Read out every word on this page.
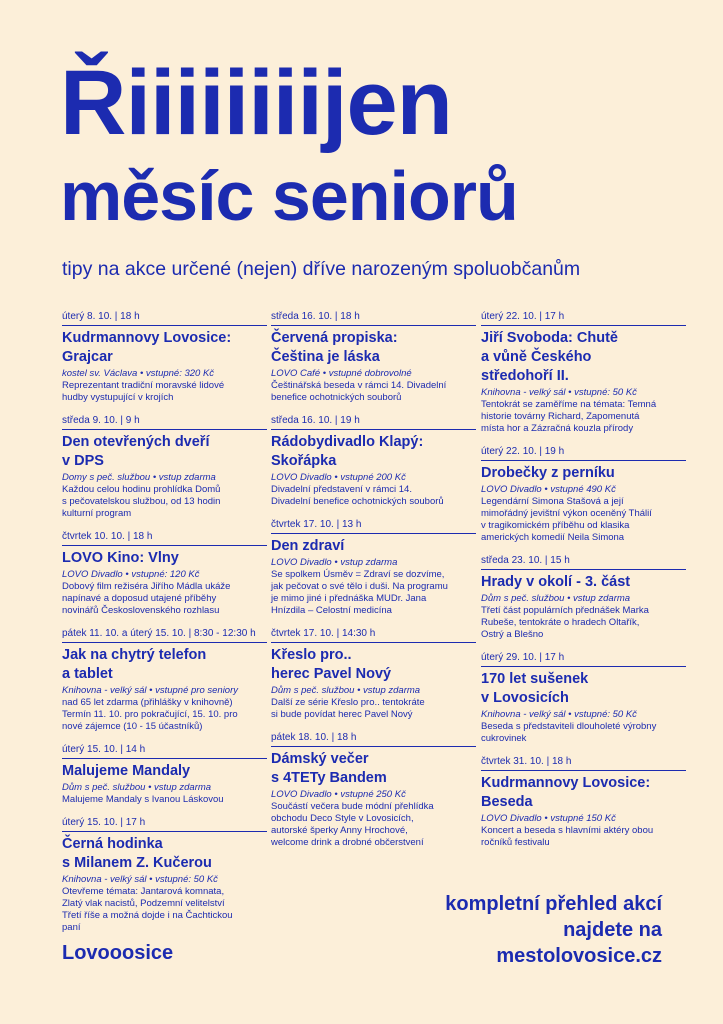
Řiiiiiiiijen
měsíc seniorů
tipy na akce určené (nejen) dříve narozeným spoluobčanům
úterý 8. 10. | 18 h
Kudrmannovy Lovosice:
Grajcar
kostel sv. Václava • vstupné: 320 Kč
Reprezentant tradiční moravské lidové
hudby vystupující v krojích
středa 9. 10. | 9 h
Den otevřených dveří
v DPS
Domy s peč. službou • vstup zdarma
Každou celou hodinu prohlídka Domů
s pečovatelskou službou, od 13 hodin
kulturní program
čtvrtek 10. 10. | 18 h
LOVO Kino: Vlny
LOVO Divadlo • vstupné: 120 Kč
Dobový film režiséra Jiřího Mádla ukáže
napínavé a doposud utajené příběhy
novinářů Československého rozhlasu
pátek 11. 10. a úterý 15. 10. | 8:30 - 12:30 h
Jak na chytrý telefon
a tablet
Knihovna - velký sál • vstupné pro seniory
nad 65 let zdarma (přihlášky v knihovně)
Termín 11. 10. pro pokračující, 15. 10. pro
nové zájemce (10 - 15 účastníků)
úterý 15. 10. | 14 h
Malujeme Mandaly
Dům s peč. službou • vstup zdarma
Malujeme Mandaly s Ivanou Láskovou
úterý 15. 10. | 17 h
Černá hodinka
s Milanem Z. Kučerou
Knihovna - velký sál • vstupné: 50 Kč
Otevřeme témata: Jantarová komnata,
Zlatý vlak nacistů, Podzemní velitelství
Třetí říše a možná dojde i na Čachtickou
paní
středa 16. 10. | 18 h
Červená propiska:
Čeština je láska
LOVO Café • vstupné dobrovolné
Češtinářská beseda v rámci 14. Divadelní
benefice ochotnických souborů
středa 16. 10. | 19 h
Rádobydivadlo Klapý:
Skořápka
LOVO Divadlo • vstupné 200 Kč
Divadelní představení v rámci 14.
Divadelní benefice ochotnických souborů
čtvrtek 17. 10. | 13 h
Den zdraví
LOVO Divadlo • vstup zdarma
Se spolkem Úsměv = Zdraví se dozvíme,
jak pečovat o své tělo i duši. Na programu
je mimo jiné i přednáška MUDr. Jana
Hnízdila – Celostní medicína
čtvrtek 17. 10. | 14:30 h
Křeslo pro..
herec Pavel Nový
Dům s peč. službou • vstup zdarma
Další ze série Křeslo pro.. tentokráte
si bude povídat herec Pavel Nový
pátek 18. 10. | 18 h
Dámský večer
s 4TETy Bandem
LOVO Divadlo • vstupné 250 Kč
Součástí večera bude módní přehlídka
obchodu Deco Style v Lovosicích,
autorské šperky Anny Hrochové,
welcome drink a drobné občerstvení
úterý 22. 10. | 17 h
Jiří Svoboda: Chutě
a vůně Českého
středohoří II.
Knihovna - velký sál • vstupné: 50 Kč
Tentokrát se zaměříme na témata: Temná
historie továrny Richard, Zapomenutá
místa hor a Zázračná kouzla přírody
úterý 22. 10. | 19 h
Drobečky z perníku
LOVO Divadlo • vstupné 490 Kč
Legendární Simona Stašová a její
mimořádný jevištní výkon oceněný Thálií
v tragikomickém příběhu od klasika
amerických komedií Neila Simona
středa 23. 10. | 15 h
Hrady v okolí - 3. část
Dům s peč. službou • vstup zdarma
Třetí část populárních přednášek Marka
Rubeše, tentokráte o hradech Oltařík,
Ostrý a Blešno
úterý 29. 10. | 17 h
170 let sušenek
v Lovosicích
Knihovna - velký sál • vstupné: 50 Kč
Beseda s představiteli dlouholeté výrobny
cukrovinek
čtvrtek 31. 10. | 18 h
Kudrmannovy Lovosice:
Beseda
LOVO Divadlo • vstupné 150 Kč
Koncert a beseda s hlavními aktéry obou
ročníků festivalu
Lovooosice
kompletní přehled akcí
najdete na
mestolovosice.cz
